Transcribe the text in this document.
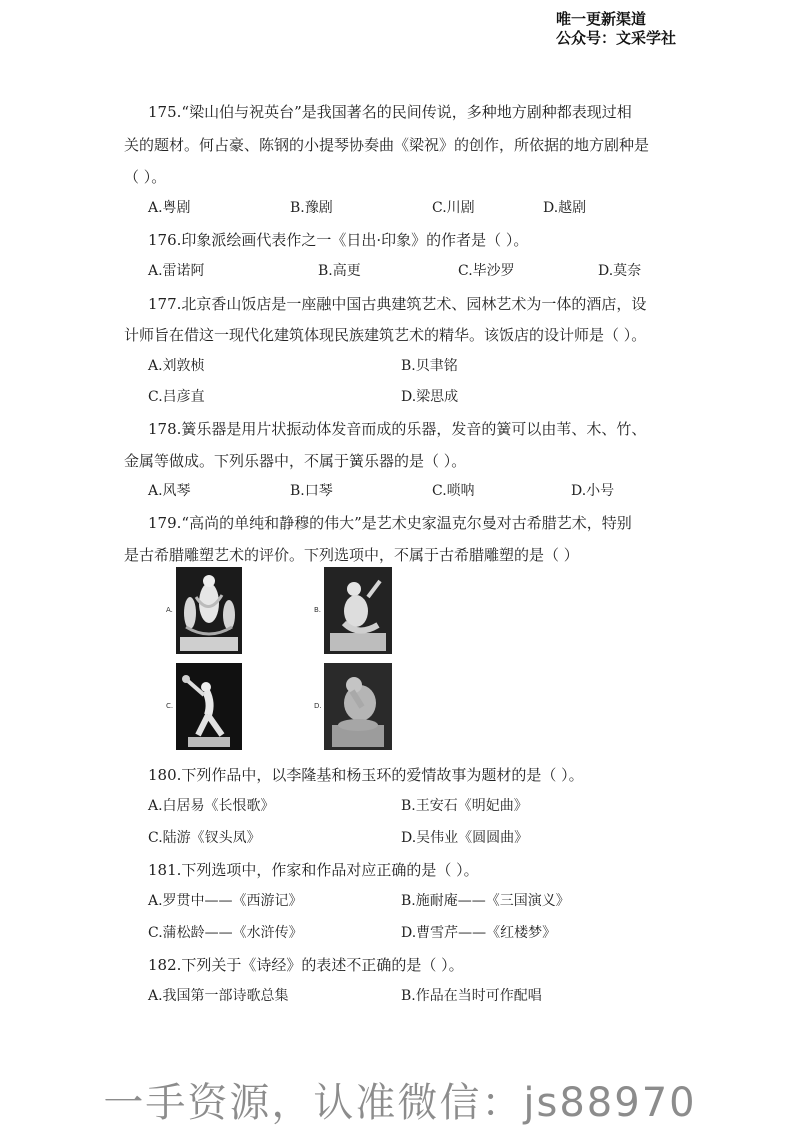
唯一更新渠道
公众号：文采学社
175.“梁山伯与祝英台”是我国著名的民间传说，多种地方剧种都表现过相
关的题材。何占豪、陈钢的小提琴协奏曲《梁祝》的创作，所依据的地方剧种是
（ ）。
A.粤剧	B.豫剧	C.川剧	D.越剧
176.印象派绘画代表作之一《日出·印象》的作者是（ ）。
A.雷诺阿	B.高更	C.毕沙罗	D.莫奈
177.北京香山饭店是一座融中国古典建筑艺术、园林艺术为一体的酒店，设
计师旨在借这一现代化建筑体现民族建筑艺术的精华。该饭店的设计师是（ ）。
A.刘敦桢	B.贝聿铭
C.吕彦直	D.梁思成
178.簧乐器是用片状振动体发音而成的乐器，发音的簧可以由苇、木、竹、
金属等做成。下列乐器中，不属于簧乐器的是（ ）。
A.风琴	B.口琴	C.唢呐	D.小号
179.“高尚的单纯和静穆的伟大”是艺术史家温克尔曼对古希腊艺术，特别
是古希腊雕塑艺术的评价。下列选项中，不属于古希腊雕塑的是（ ）
A.	B.
C.	D.
180.下列作品中，以李隆基和杨玉环的爱情故事为题材的是（ ）。
A.白居易《长恨歌》	B.王安石《明妃曲》
C.陆游《钗头凤》	D.吴伟业《圆圆曲》
181.下列选项中，作家和作品对应正确的是（ ）。
A.罗贯中——《西游记》	B.施耐庵——《三国演义》
C.蒲松龄——《水浒传》	D.曹雪芹——《红楼梦》
182.下列关于《诗经》的表述不正确的是（ ）。
A.我国第一部诗歌总集	B.作品在当时可作配唱
一手资源，认准微信：js88970
